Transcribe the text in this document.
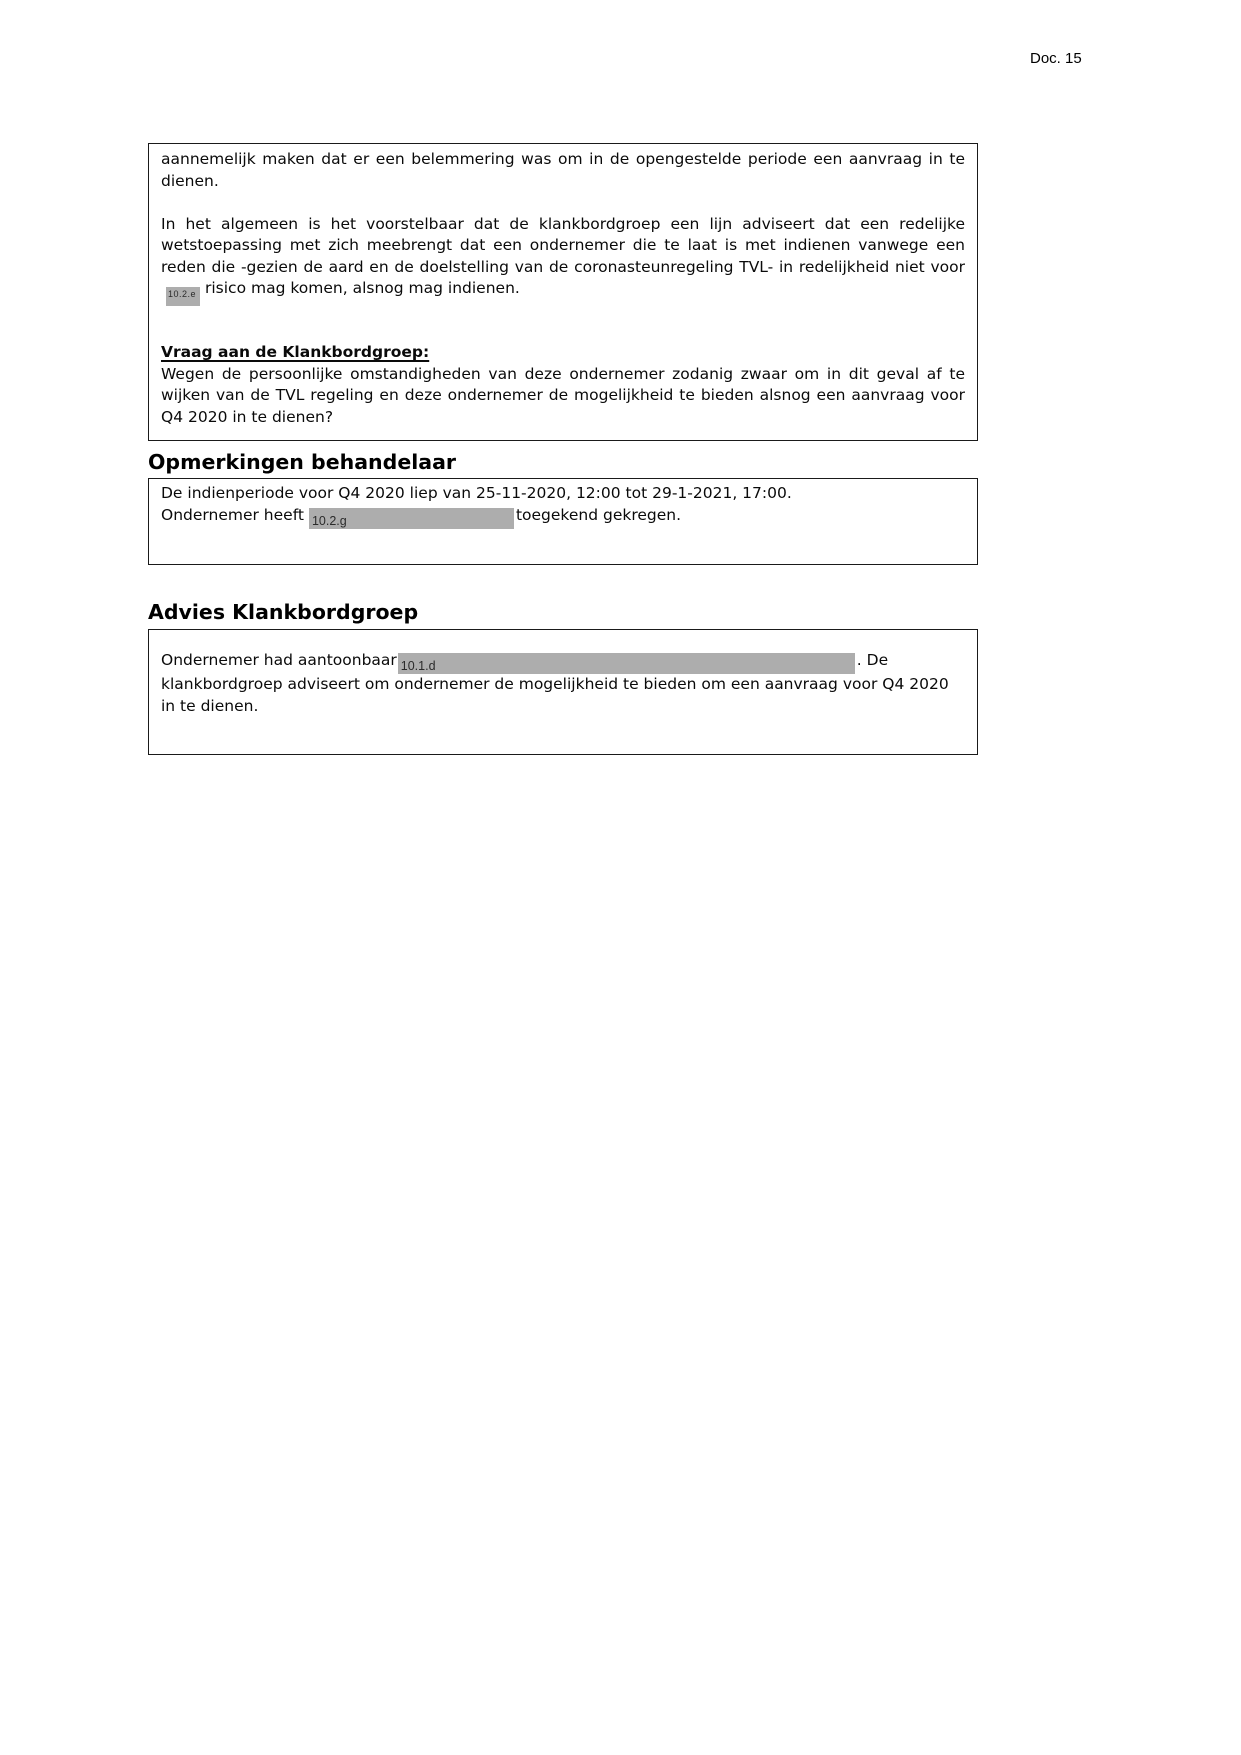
Doc. 15

aannemelijk maken dat er een belemmering was om in de opengestelde periode een aanvraag in te dienen.

In het algemeen is het voorstelbaar dat de klankbordgroep een lijn adviseert dat een redelijke wetstoepassing met zich meebrengt dat een ondernemer die te laat is met indienen vanwege een reden die -gezien de aard en de doelstelling van de coronasteunregeling TVL- in redelijkheid niet voor10.2.e risico mag komen, alsnog mag indienen.

Vraag aan de Klankbordgroep:

Wegen de persoonlijke omstandigheden van deze ondernemer zodanig zwaar om in dit geval af te wijken van de TVL regeling en deze ondernemer de mogelijkheid te bieden alsnog een aanvraag voor Q4 2020 in te dienen?

Opmerkingen behandelaar

De indienperiode voor Q4 2020 liep van 25-11-2020, 12:00 tot 29-1-2021, 17:00.

Ondernemer heeft 10.2.g	toegekend gekregen.

Advies Klankbordgroep

Ondernemer had aantoonbaar 10.1.d	. De klankbordgroep adviseert om ondernemer de mogelijkheid te bieden om een aanvraag voor Q4 2020 in te dienen.
